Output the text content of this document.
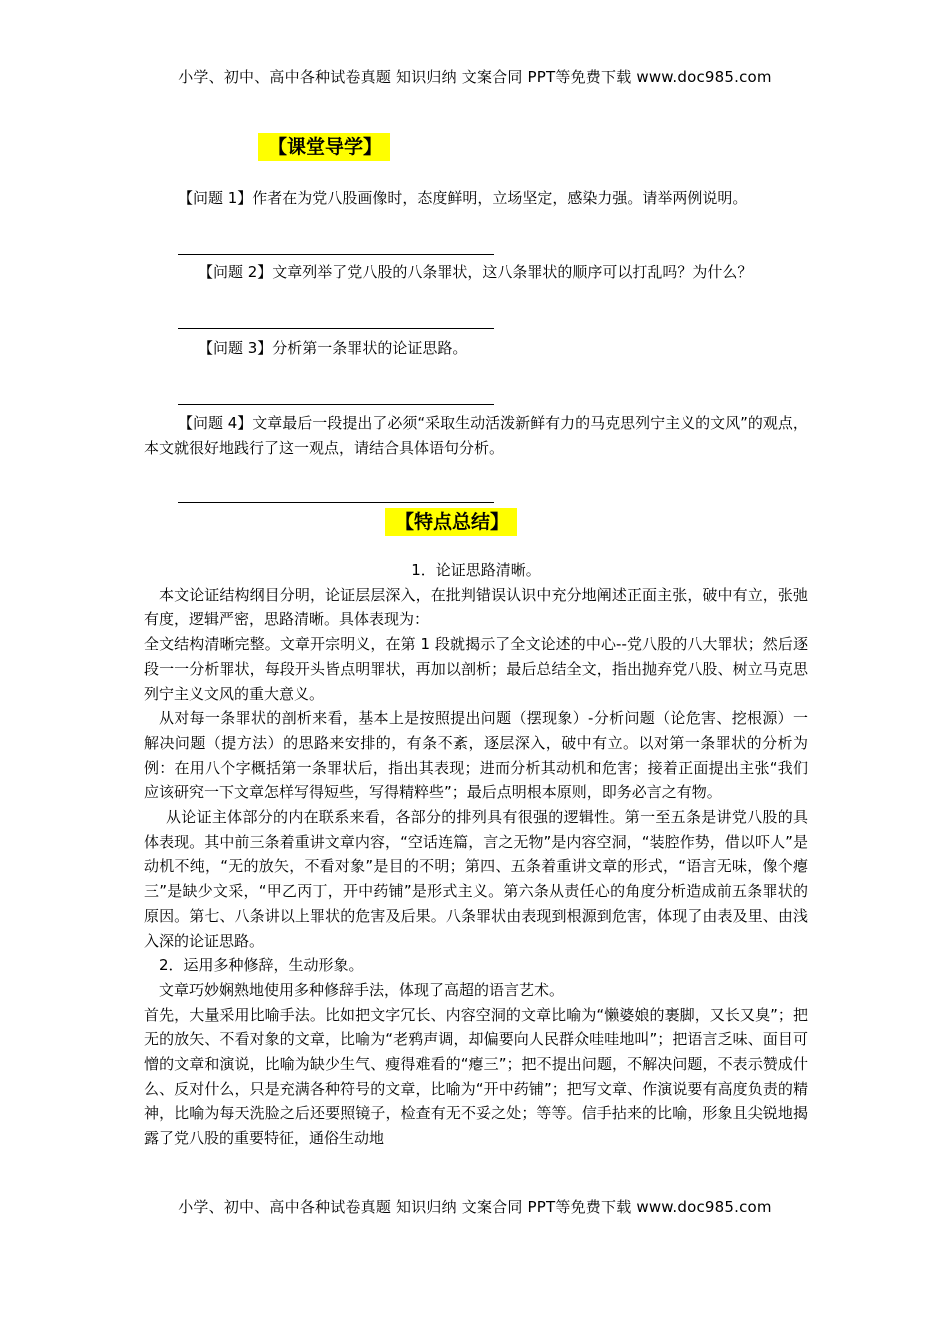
小学、初中、高中各种试卷真题 知识归纳 文案合同 PPT等免费下载 www.doc985.com
【课堂导学】
【问题 1】作者在为党八股画像时，态度鲜明，立场坚定，感染力强。请举两例说明。
【问题 2】文章列举了党八股的八条罪状，这八条罪状的顺序可以打乱吗？为什么？
【问题 3】分析第一条罪状的论证思路。
【问题 4】文章最后一段提出了必须“采取生动活泼新鲜有力的马克思列宁主义的文风”的观点，本文就很好地践行了这一观点，请结合具体语句分析。
【特点总结】

1．论证思路清晰。

本文论证结构纲目分明，论证层层深入，在批判错误认识中充分地阐述正面主张，破中有立，张弛有度，逻辑严密，思路清晰。具体表现为：

全文结构清晰完整。文章开宗明义，在第 1 段就揭示了全文论述的中心--党八股的八大罪状；然后逐段一一分析罪状，每段开头皆点明罪状，再加以剖析；最后总结全文，指出抛弃党八股、树立马克思列宁主义文风的重大意义。

从对每一条罪状的剖析来看，基本上是按照提出问题（摆现象）-分析问题（论危害、挖根源）一解决问题（提方法）的思路来安排的，有条不紊，逐层深入，破中有立。以对第一条罪状的分析为例：在用八个字概括第一条罪状后，指出其表现；进而分析其动机和危害；接着正面提出主张“我们应该研究一下文章怎样写得短些，写得精粹些”；最后点明根本原则，即务必言之有物。

从论证主体部分的内在联系来看，各部分的排列具有很强的逻辑性。第一至五条是讲党八股的具体表现。其中前三条着重讲文章内容，“空话连篇，言之无物”是内容空洞，“装腔作势，借以吓人”是动机不纯，“无的放矢，不看对象”是目的不明；第四、五条着重讲文章的形式，“语言无味，像个瘪三”是缺少文采，“甲乙丙丁，开中药铺”是形式主义。第六条从责任心的角度分析造成前五条罪状的原因。第七、八条讲以上罪状的危害及后果。八条罪状由表现到根源到危害，体现了由表及里、由浅入深的论证思路。

2．运用多种修辞，生动形象。

文章巧妙娴熟地使用多种修辞手法，体现了高超的语言艺术。

首先，大量采用比喻手法。比如把文字冗长、内容空洞的文章比喻为“懒婆娘的裹脚，又长又臭”；把无的放矢、不看对象的文章，比喻为“老鸦声调，却偏要向人民群众哇哇地叫”；把语言乏味、面目可憎的文章和演说，比喻为缺少生气、瘦得难看的“瘪三”；把不提出问题，不解决问题，不表示赞成什么、反对什么，只是充满各种符号的文章，比喻为“开中药铺”；把写文章、作演说要有高度负责的精神，比喻为每天洗脸之后还要照镜子，检查有无不妥之处；等等。信手拈来的比喻，形象且尖锐地揭露了党八股的重要特征，通俗生动地

小学、初中、高中各种试卷真题 知识归纳 文案合同 PPT等免费下载 www.doc985.com
